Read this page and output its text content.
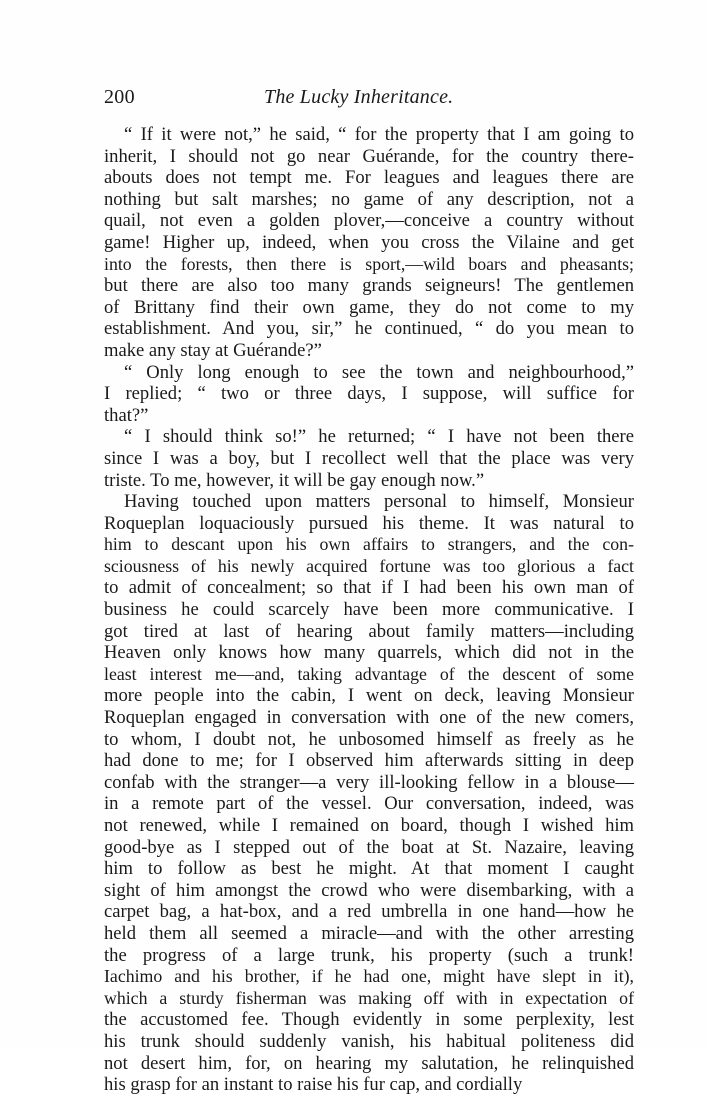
200	The Lucky Inheritance.
“ If it were not,” he said, “ for the property that I am going to
inherit, I should not go near Guérande, for the country there-
abouts does not tempt me. For leagues and leagues there are
nothing but salt marshes; no game of any description, not a
quail, not even a golden plover,—conceive a country without
game! Higher up, indeed, when you cross the Vilaine and get
into the forests, then there is sport,—wild boars and pheasants;
but there are also too many grands seigneurs! The gentlemen
of Brittany find their own game, they do not come to my
establishment. And you, sir,” he continued, “ do you mean to
make any stay at Guérande?”
“ Only long enough to see the town and neighbourhood,”
I replied; “ two or three days, I suppose, will suffice for
that?”
“ I should think so!” he returned; “ I have not been there
since I was a boy, but I recollect well that the place was very
triste. To me, however, it will be gay enough now.”
Having touched upon matters personal to himself, Monsieur
Roqueplan loquaciously pursued his theme. It was natural to
him to descant upon his own affairs to strangers, and the con-
sciousness of his newly acquired fortune was too glorious a fact
to admit of concealment; so that if I had been his own man of
business he could scarcely have been more communicative. I
got tired at last of hearing about family matters—including
Heaven only knows how many quarrels, which did not in the
least interest me—and, taking advantage of the descent of some
more people into the cabin, I went on deck, leaving Monsieur
Roqueplan engaged in conversation with one of the new comers,
to whom, I doubt not, he unbosomed himself as freely as he
had done to me; for I observed him afterwards sitting in deep
confab with the stranger—a very ill-looking fellow in a blouse—
in a remote part of the vessel. Our conversation, indeed, was
not renewed, while I remained on board, though I wished him
good-bye as I stepped out of the boat at St. Nazaire, leaving
him to follow as best he might. At that moment I caught
sight of him amongst the crowd who were disembarking, with a
carpet bag, a hat-box, and a red umbrella in one hand—how he
held them all seemed a miracle—and with the other arresting
the progress of a large trunk, his property (such a trunk!
Iachimo and his brother, if he had one, might have slept in it),
which a sturdy fisherman was making off with in expectation of
the accustomed fee. Though evidently in some perplexity, lest
his trunk should suddenly vanish, his habitual politeness did
not desert him, for, on hearing my salutation, he relinquished
his grasp for an instant to raise his fur cap, and cordially
